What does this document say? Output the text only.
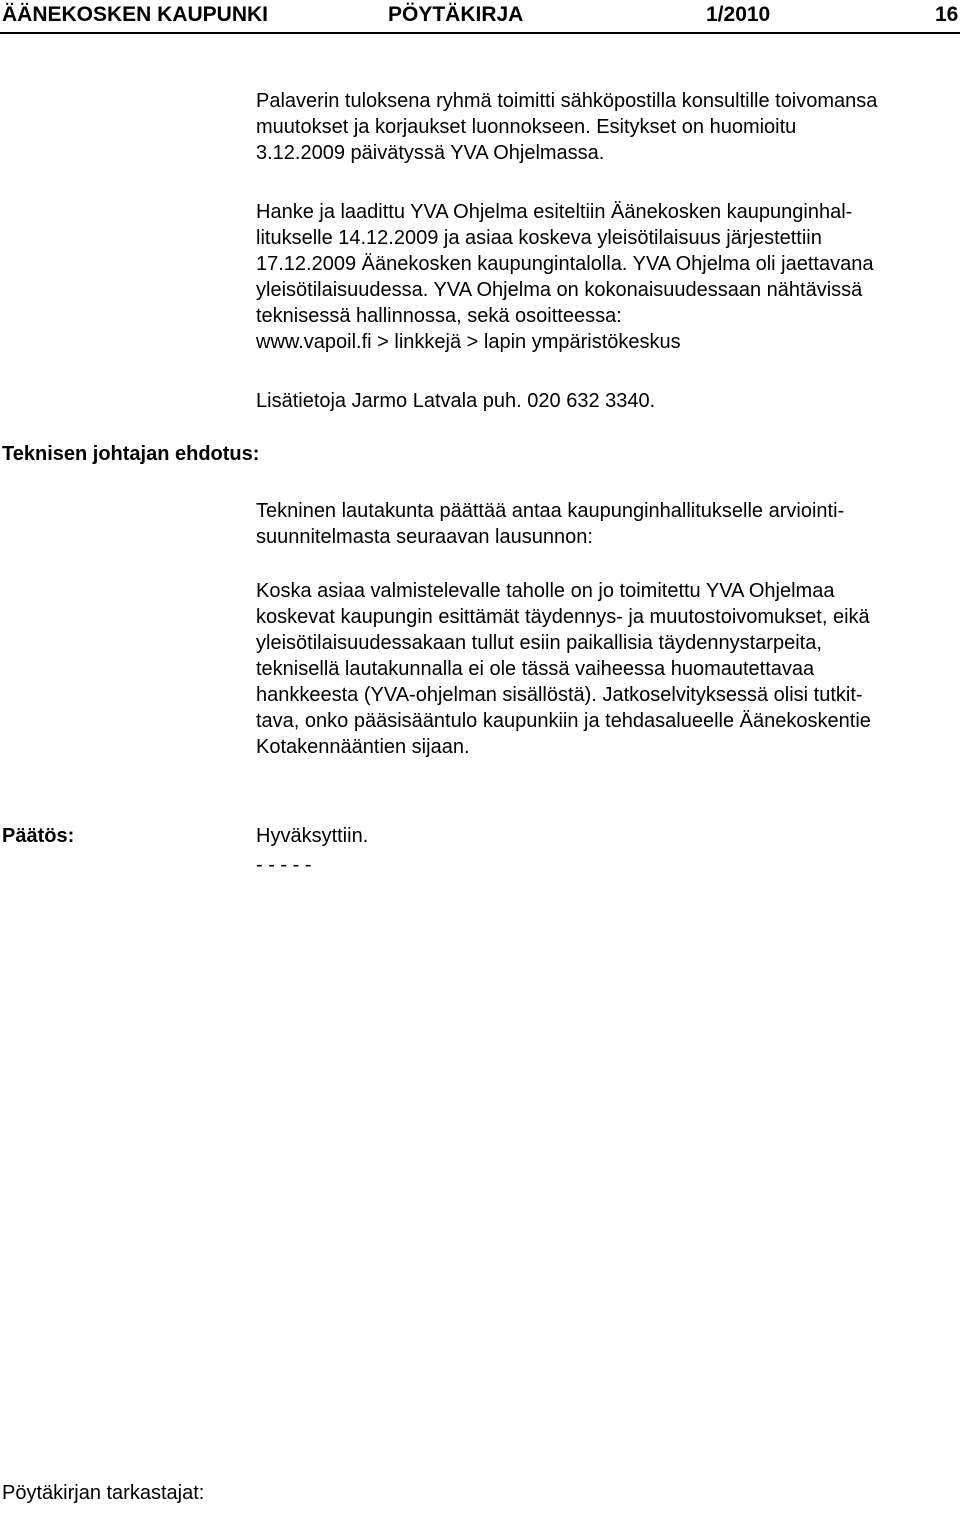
ÄÄNEKOSKEN KAUPUNKI	PÖYTÄKIRJA	1/2010	16
Palaverin tuloksena ryhmä toimitti sähköpostilla konsultille toivomansa
muutokset ja korjaukset luonnokseen. Esitykset on huomioitu
3.12.2009 päivätyssä YVA Ohjelmassa.
Hanke ja laadittu YVA Ohjelma esiteltiin Äänekosken kaupunginhal-
litukselle 14.12.2009 ja asiaa koskeva yleisötilaisuus järjestettiin
17.12.2009 Äänekosken kaupungintalolla. YVA Ohjelma oli jaettavana
yleisötilaisuudessa. YVA Ohjelma on kokonaisuudessaan nähtävissä
teknisessä hallinnossa, sekä osoitteessa:
www.vapoil.fi > linkkejä > lapin ympäristökeskus
Lisätietoja Jarmo Latvala puh. 020 632 3340.
Teknisen johtajan ehdotus:
Tekninen lautakunta päättää antaa kaupunginhallitukselle arviointi-
suunnitelmasta seuraavan lausunnon:
Koska asiaa valmistelevalle taholle on jo toimitettu YVA Ohjelmaa
koskevat kaupungin esittämät täydennys- ja muutostoivomukset, eikä
yleisötilaisuudessakaan tullut esiin paikallisia täydennystarpeita,
teknisellä lautakunnalla ei ole tässä vaiheessa huomautettavaa
hankkeesta (YVA-ohjelman sisällöstä). Jatkoselvityksessä olisi tutkit-
tava, onko pääsisääntulo kaupunkiin ja tehdasalueelle Äänekoskentie
Kotakennääntien sijaan.
Päätös:	Hyväksyttiin.
- - - - -
Pöytäkirjan tarkastajat:
